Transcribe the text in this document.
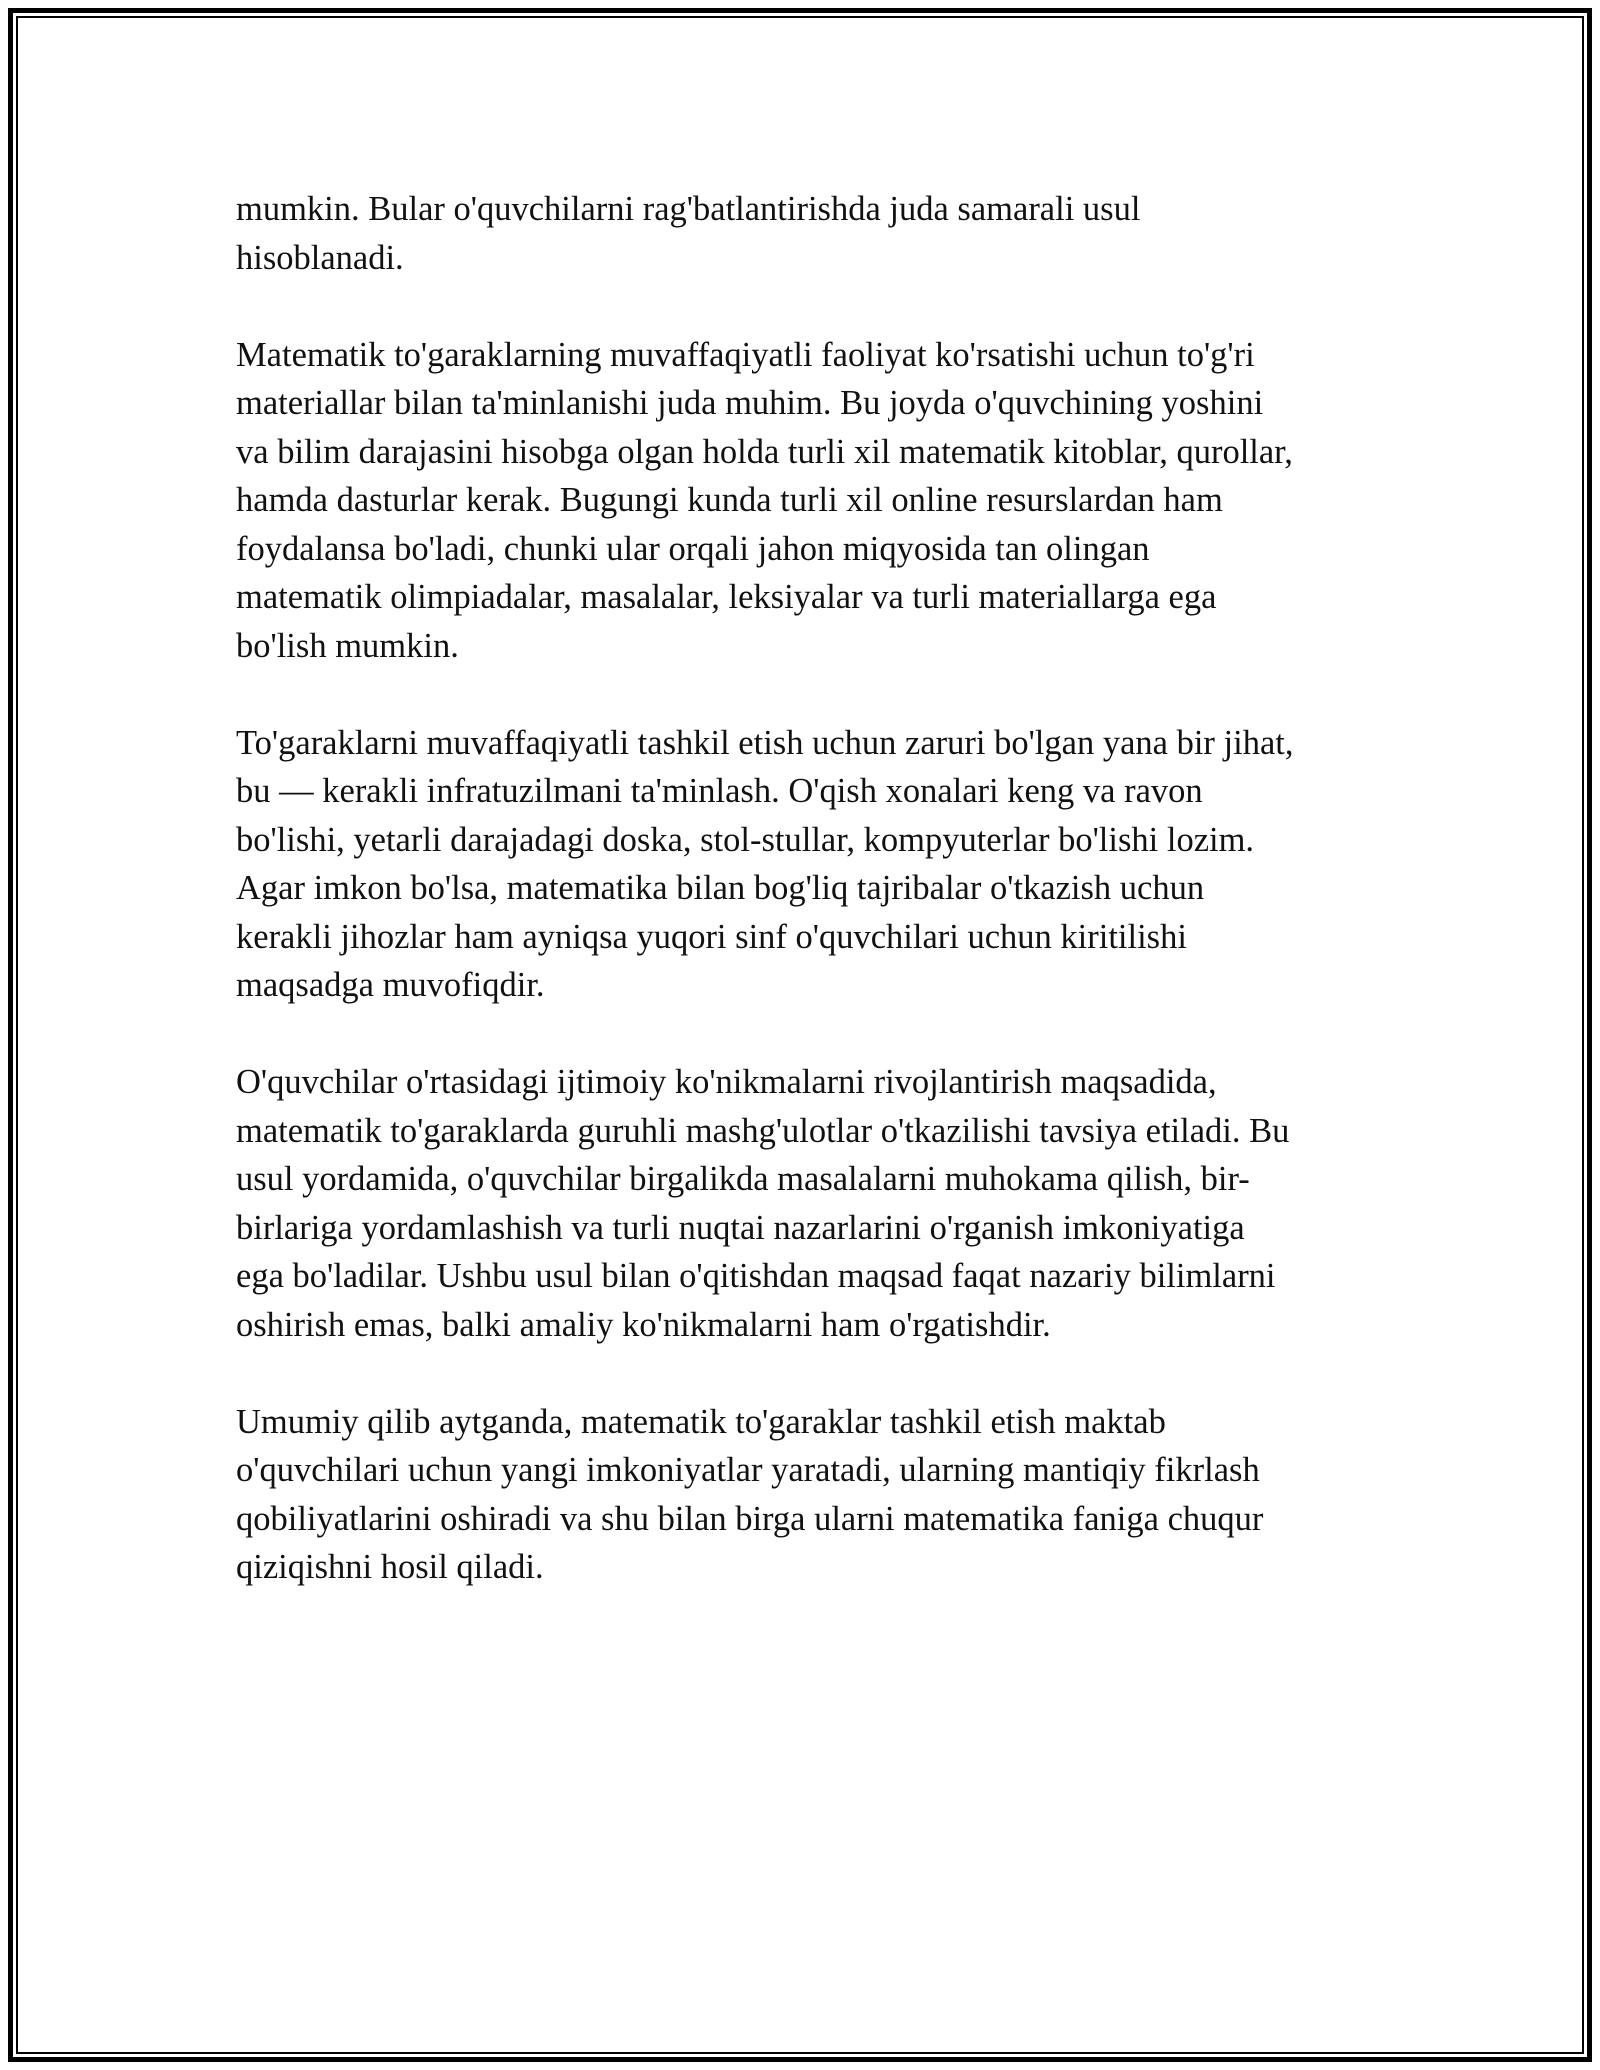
mumkin. Bular o'quvchilarni rag'batlantirishda juda samarali usul
hisoblanadi.

Matematik to'garaklarning muvaffaqiyatli faoliyat ko'rsatishi uchun to'g'ri
materiallar bilan ta'minlanishi juda muhim. Bu joyda o'quvchining yoshini
va bilim darajasini hisobga olgan holda turli xil matematik kitoblar, qurollar,
hamda dasturlar kerak. Bugungi kunda turli xil online resurslardan ham
foydalansa bo'ladi, chunki ular orqali jahon miqyosida tan olingan
matematik olimpiadalar, masalalar, leksiyalar va turli materiallarga ega
bo'lish mumkin.

To'garaklarni muvaffaqiyatli tashkil etish uchun zaruri bo'lgan yana bir jihat,
bu — kerakli infratuzilmani ta'minlash. O'qish xonalari keng va ravon
bo'lishi, yetarli darajadagi doska, stol-stullar, kompyuterlar bo'lishi lozim.
Agar imkon bo'lsa, matematika bilan bog'liq tajribalar o'tkazish uchun
kerakli jihozlar ham ayniqsa yuqori sinf o'quvchilari uchun kiritilishi
maqsadga muvofiqdir.

O'quvchilar o'rtasidagi ijtimoiy ko'nikmalarni rivojlantirish maqsadida,
matematik to'garaklarda guruhli mashg'ulotlar o'tkazilishi tavsiya etiladi. Bu
usul yordamida, o'quvchilar birgalikda masalalarni muhokama qilish, bir-
birlariga yordamlashish va turli nuqtai nazarlarini o'rganish imkoniyatiga
ega bo'ladilar. Ushbu usul bilan o'qitishdan maqsad faqat nazariy bilimlarni
oshirish emas, balki amaliy ko'nikmalarni ham o'rgatishdir.

Umumiy qilib aytganda, matematik to'garaklar tashkil etish maktab
o'quvchilari uchun yangi imkoniyatlar yaratadi, ularning mantiqiy fikrlash
qobiliyatlarini oshiradi va shu bilan birga ularni matematika faniga chuqur
qiziqishni hosil qiladi.
